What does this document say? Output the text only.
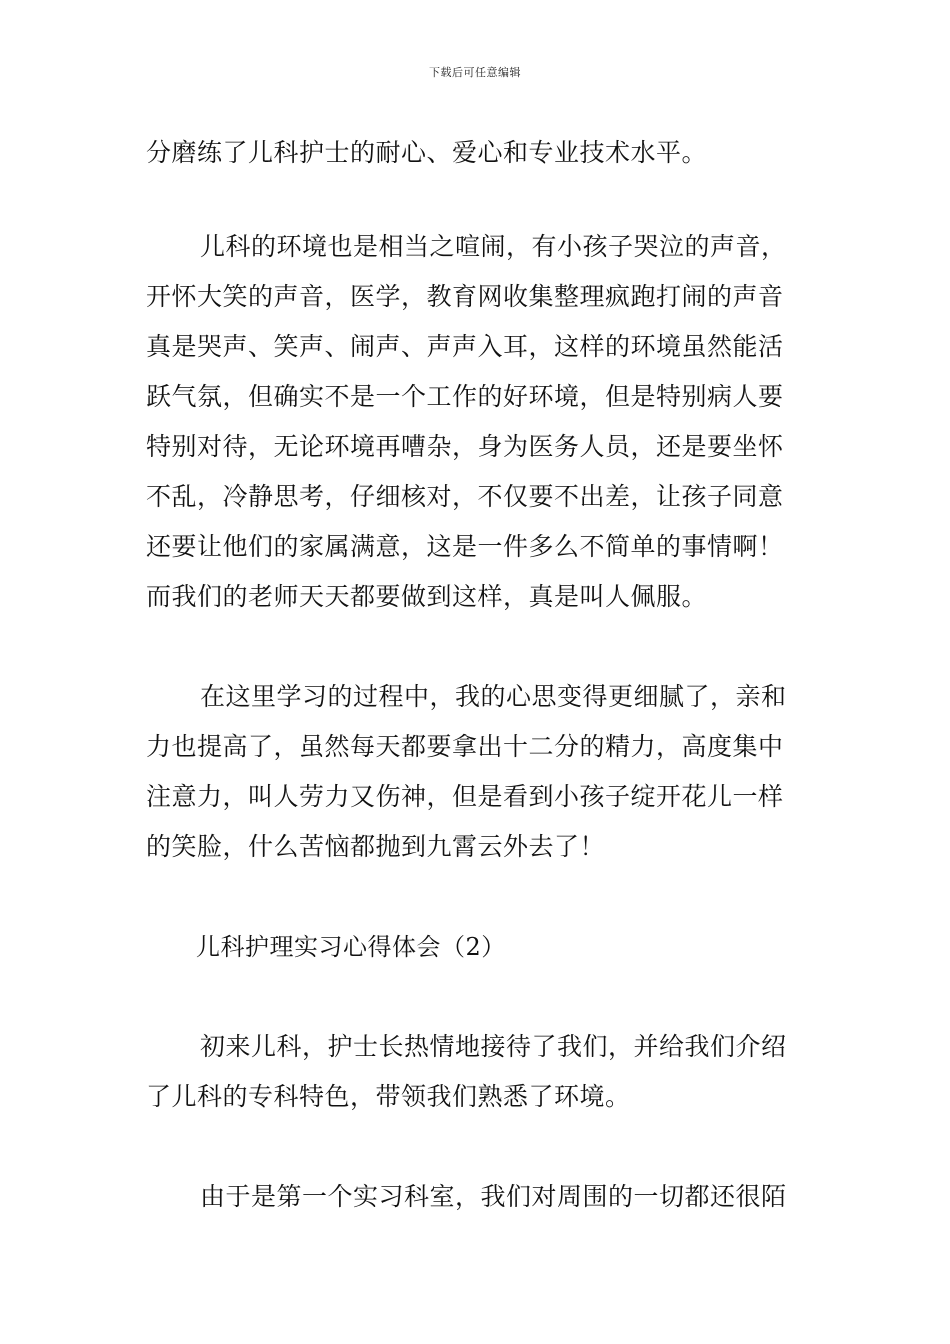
下载后可任意编辑
分磨练了儿科护士的耐心、爱心和专业技术水平。
儿科的环境也是相当之喧闹，有小孩子哭泣的声音，
开怀大笑的声音，医学，教育网收集整理疯跑打闹的声音
真是哭声、笑声、闹声、声声入耳，这样的环境虽然能活
跃气氛，但确实不是一个工作的好环境，但是特别病人要
特别对待，无论环境再嘈杂，身为医务人员，还是要坐怀
不乱，冷静思考，仔细核对，不仅要不出差，让孩子同意
还要让他们的家属满意，这是一件多么不简单的事情啊！
而我们的老师天天都要做到这样，真是叫人佩服。
在这里学习的过程中，我的心思变得更细腻了，亲和
力也提高了，虽然每天都要拿出十二分的精力，高度集中
注意力，叫人劳力又伤神，但是看到小孩子绽开花儿一样
的笑脸，什么苦恼都抛到九霄云外去了！
儿科护理实习心得体会（2）
初来儿科，护士长热情地接待了我们，并给我们介绍
了儿科的专科特色，带领我们熟悉了环境。
由于是第一个实习科室，我们对周围的一切都还很陌
